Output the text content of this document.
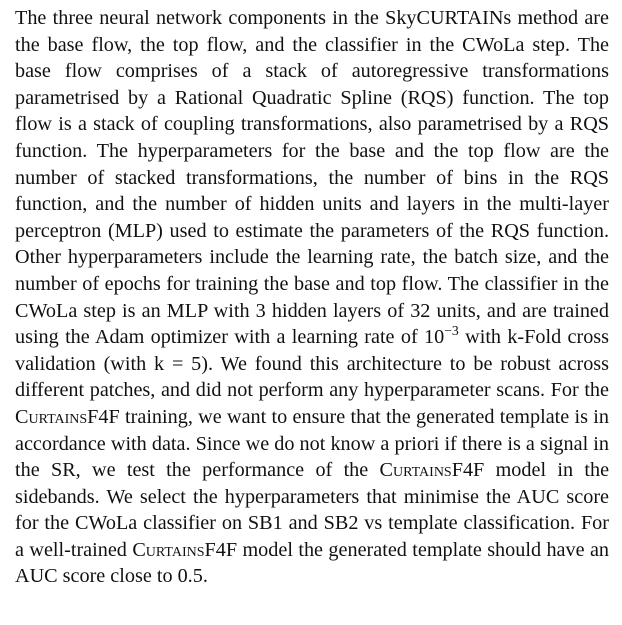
The three neural network components in the SkyCURTAINs method are the base flow, the top flow, and the classifier in the CWoLa step. The base flow comprises of a stack of autoregressive transformations parametrised by a Rational Quadratic Spline (RQS) function. The top flow is a stack of coupling transformations, also parametrised by a RQS function. The hyperparameters for the base and the top flow are the number of stacked transformations, the number of bins in the RQS function, and the number of hidden units and layers in the multi-layer perceptron (MLP) used to estimate the parameters of the RQS function. Other hyperparameters include the learning rate, the batch size, and the number of epochs for training the base and top flow. The classifier in the CWoLa step is an MLP with 3 hidden layers of 32 units, and are trained using the Adam optimizer with a learning rate of $10^{-3}$ with k-Fold cross validation (with k = 5). We found this architecture to be robust across different patches, and did not perform any hyperparameter scans. For the CurtainsF4F training, we want to ensure that the generated template is in accordance with data. Since we do not know a priori if there is a signal in the SR, we test the performance of the CurtainsF4F model in the sidebands. We select the hyperparameters that minimise the AUC score for the CWoLa classifier on SB1 and SB2 vs template classification. For a well-trained CurtainsF4F model the generated template should have an AUC score close to 0.5.
